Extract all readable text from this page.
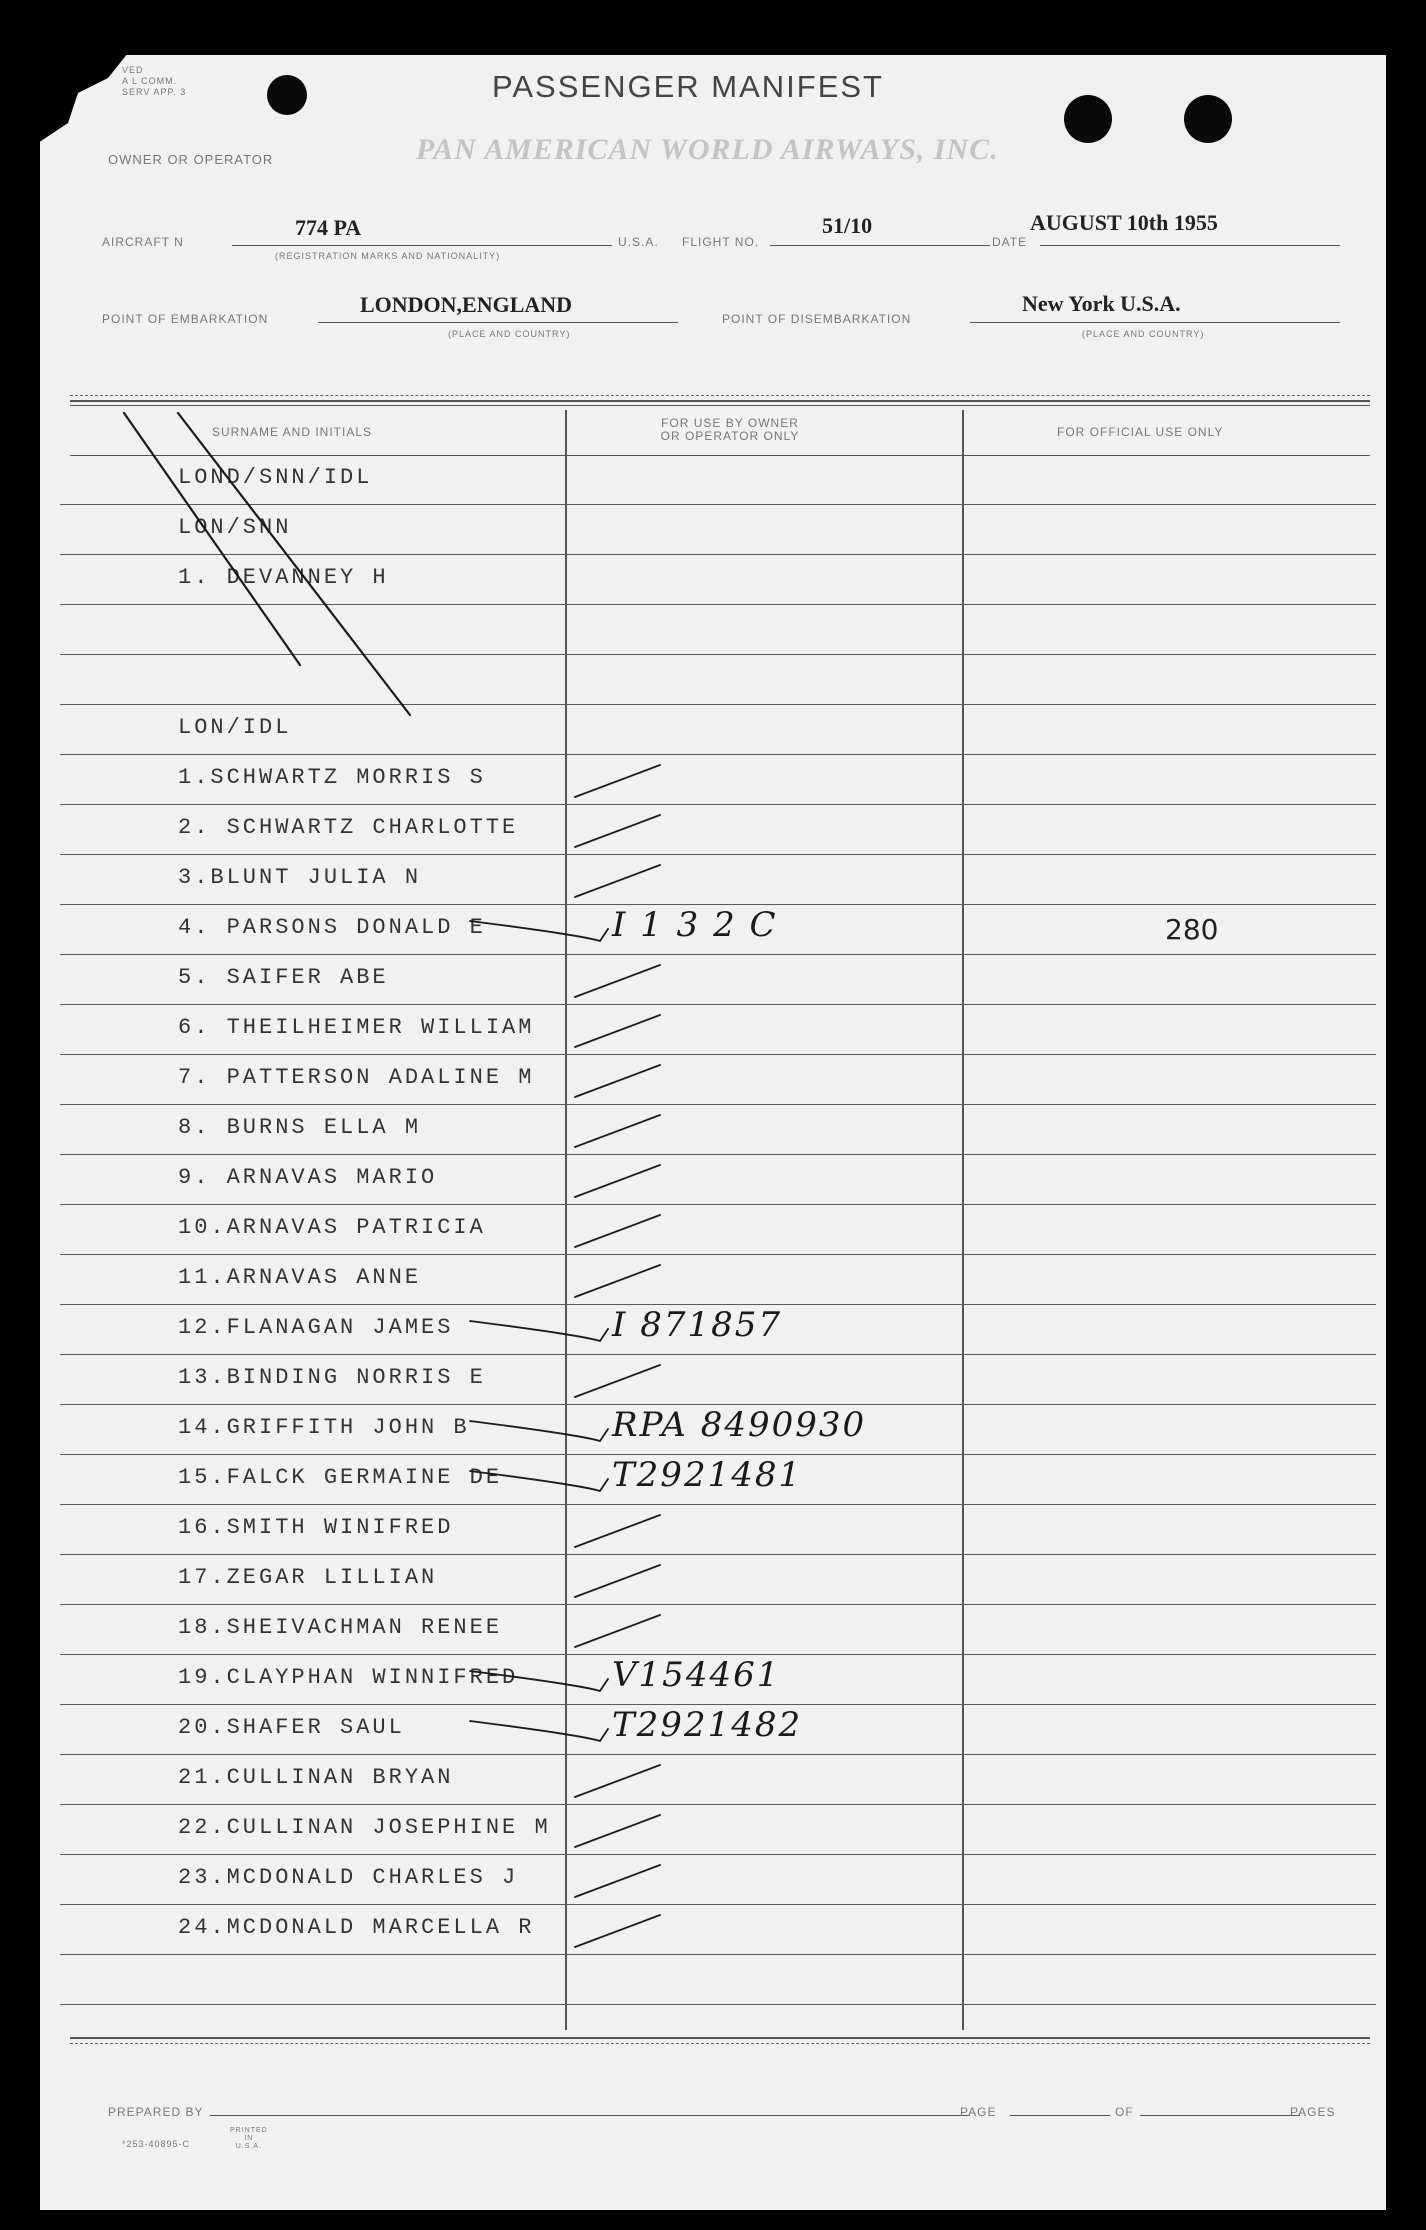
VED
A L COMM.
SERV APP. 3	PASSENGER MANIFEST
OWNER OR OPERATOR	PAN AMERICAN WORLD AIRWAYS, INC.
AIRCRAFT N
774 PA
(REGISTRATION MARKS AND NATIONALITY)
U.S.A. FLIGHT NO.
51/10
DATE
AUGUST 10th 1955
POINT OF EMBARKATION
LONDON,ENGLAND
(PLACE AND COUNTRY)
POINT OF DISEMBARKATION
New York U.S.A.
(PLACE AND COUNTRY)
SURNAME AND INITIALS
FOR USE BY OWNER
OR OPERATOR ONLY	FOR OFFICIAL USE ONLY
LOND/SNN/IDL
LON/SNN
1. DEVANNEY H
LON/IDL
1.SCHWARTZ MORRIS S
2. SCHWARTZ CHARLOTTE
3.BLUNT JULIA N
4. PARSONS DONALD E	I 1 3 2 C	280
5. SAIFER ABE
6. THEILHEIMER WILLIAM
7. PATTERSON ADALINE M
8. BURNS ELLA M
9. ARNAVAS MARIO
10.ARNAVAS PATRICIA
11.ARNAVAS ANNE
12.FLANAGAN JAMES	I 871857
13.BINDING NORRIS E
14.GRIFFITH JOHN B	RPA 8490930
15.FALCK GERMAINE DE	T2921481
16.SMITH WINIFRED
17.ZEGAR LILLIAN
18.SHEIVACHMAN RENEE
19.CLAYPHAN WINNIFRED	V154461
20.SHAFER SAUL	T2921482
21.CULLINAN BRYAN
22.CULLINAN JOSEPHINE M
23.MCDONALD CHARLES J
24.MCDONALD MARCELLA R
PREPARED BY	PAGE	OF	PAGES
*253-40895-C
PRINTED
IN
U.S.A.
